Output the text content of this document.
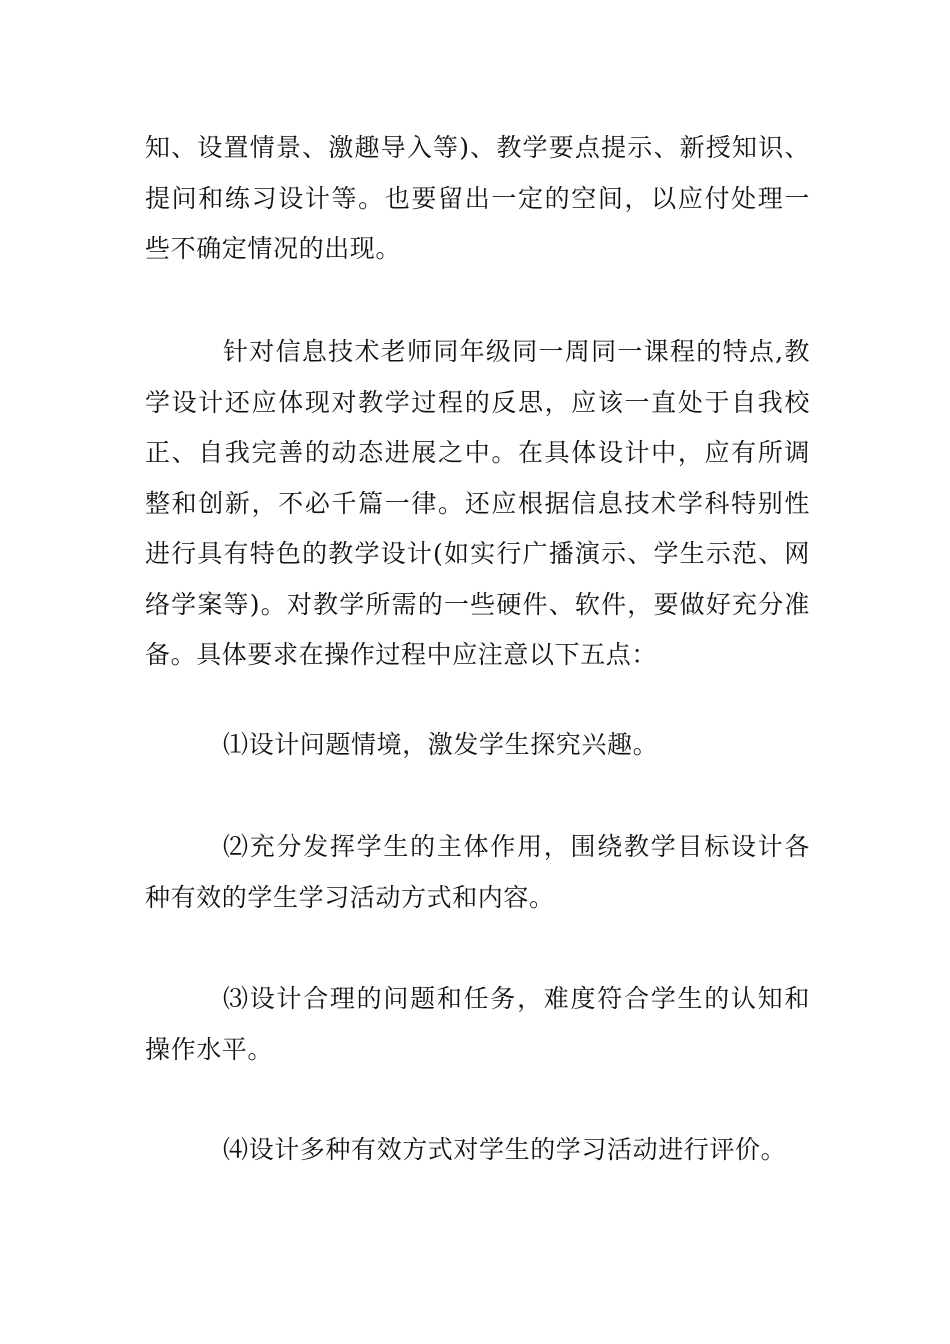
知、设置情景、激趣导入等)、教学要点提示、新授知识、提问和练习设计等。也要留出一定的空间，以应付处理一些不确定情况的出现。

针对信息技术老师同年级同一周同一课程的特点,教学设计还应体现对教学过程的反思，应该一直处于自我校正、自我完善的动态进展之中。在具体设计中，应有所调整和创新，不必千篇一律。还应根据信息技术学科特别性进行具有特色的教学设计(如实行广播演示、学生示范、网络学案等)。对教学所需的一些硬件、软件，要做好充分准备。具体要求在操作过程中应注意以下五点：

⑴设计问题情境，激发学生探究兴趣。

⑵充分发挥学生的主体作用，围绕教学目标设计各种有效的学生学习活动方式和内容。

⑶设计合理的问题和任务，难度符合学生的认知和操作水平。

⑷设计多种有效方式对学生的学习活动进行评价。
